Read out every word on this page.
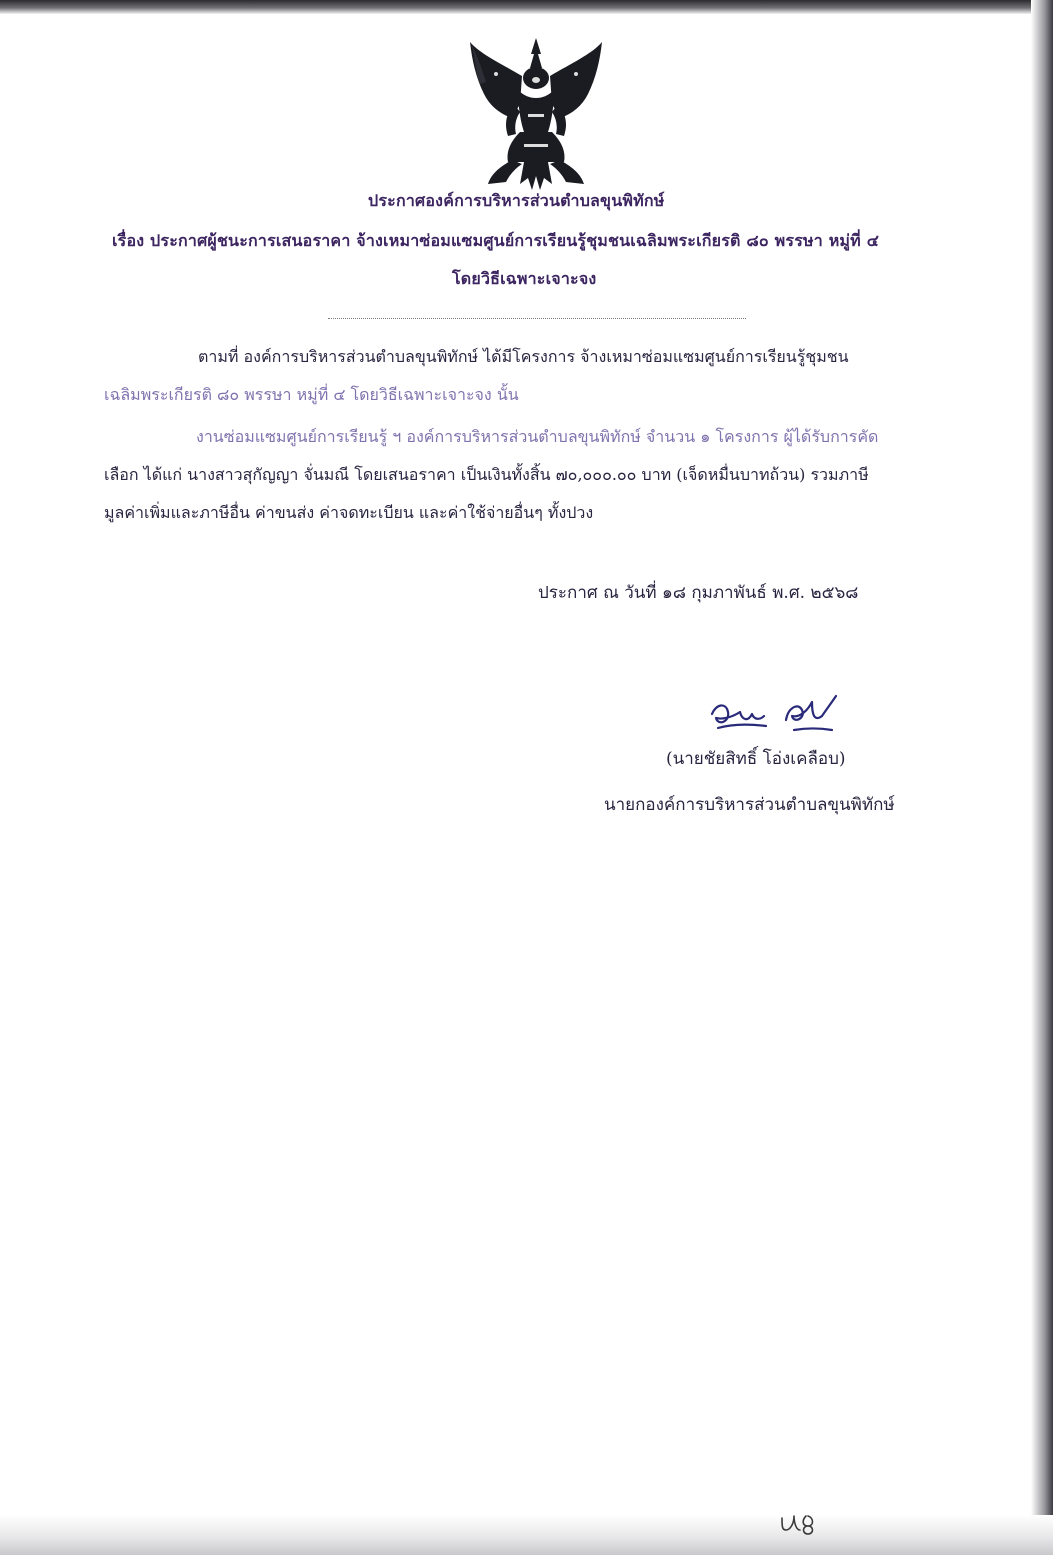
ประกาศองค์การบริหารส่วนตำบลขุนพิทักษ์
เรื่อง ประกาศผู้ชนะการเสนอราคา จ้างเหมาซ่อมแซมศูนย์การเรียนรู้ชุมชนเฉลิมพระเกียรติ ๘๐ พรรษา หมู่ที่ ๔
โดยวิธีเฉพาะเจาะจง
ตามที่ องค์การบริหารส่วนตำบลขุนพิทักษ์ ได้มีโครงการ จ้างเหมาซ่อมแซมศูนย์การเรียนรู้ชุมชน
เฉลิมพระเกียรติ ๘๐ พรรษา หมู่ที่ ๔ โดยวิธีเฉพาะเจาะจง นั้น
งานซ่อมแซมศูนย์การเรียนรู้ ฯ องค์การบริหารส่วนตำบลขุนพิทักษ์ จำนวน ๑ โครงการ ผู้ได้รับการคัด
เลือก ได้แก่ นางสาวสุกัญญา จั่นมณี โดยเสนอราคา เป็นเงินทั้งสิ้น ๗๐,๐๐๐.๐๐ บาท (เจ็ดหมื่นบาทถ้วน) รวมภาษี
มูลค่าเพิ่มและภาษีอื่น ค่าขนส่ง ค่าจดทะเบียน และค่าใช้จ่ายอื่นๆ ทั้งปวง
ประกาศ ณ วันที่ ๑๘ กุมภาพันธ์ พ.ศ. ๒๕๖๘
(นายชัยสิทธิ์ โอ่งเคลือบ)
นายกองค์การบริหารส่วนตำบลขุนพิทักษ์
